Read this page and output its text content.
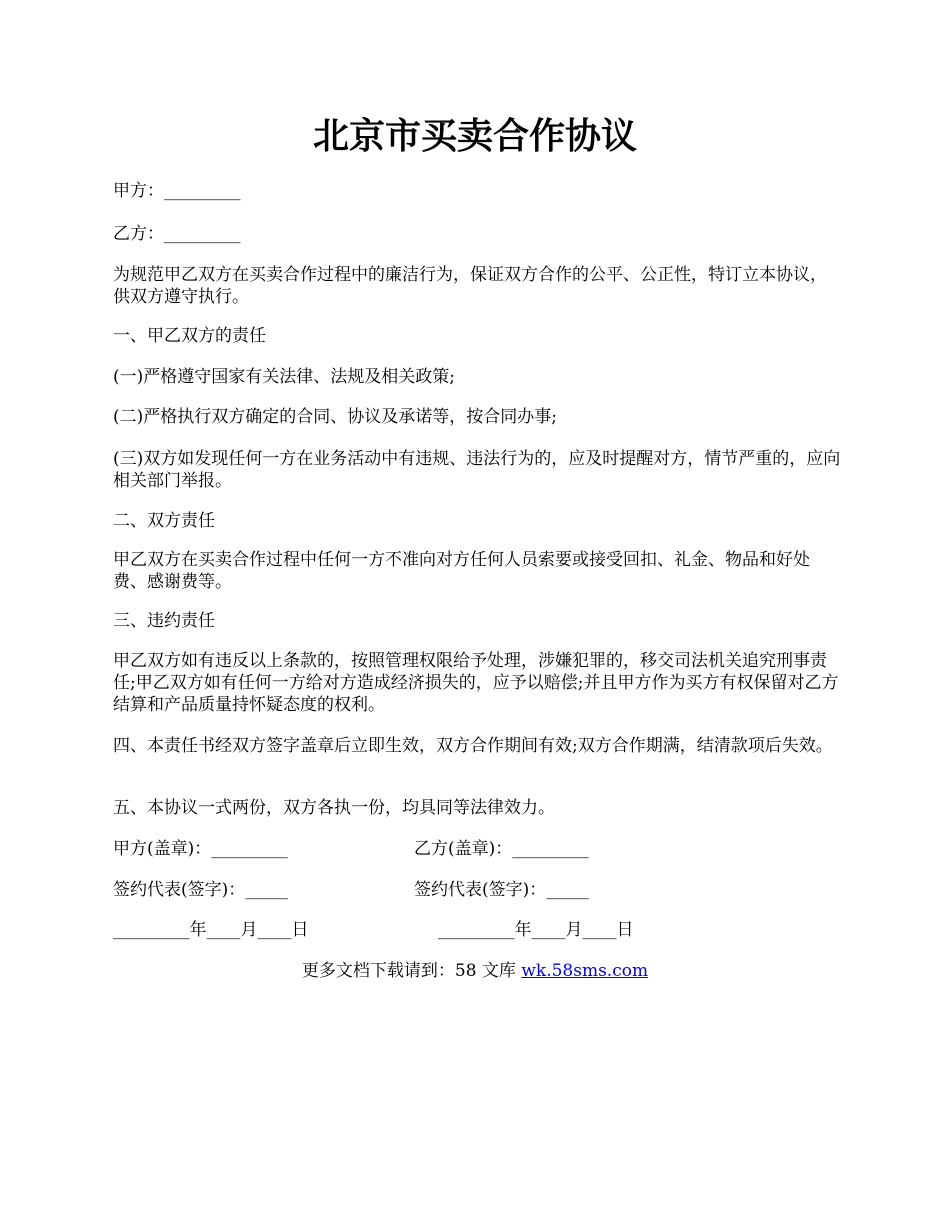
北京市买卖合作协议

甲方：_________

乙方：_________

为规范甲乙双方在买卖合作过程中的廉洁行为，保证双方合作的公平、公正性，特订立本协议，供双方遵守执行。

一、甲乙双方的责任

(一)严格遵守国家有关法律、法规及相关政策;

(二)严格执行双方确定的合同、协议及承诺等，按合同办事;

(三)双方如发现任何一方在业务活动中有违规、违法行为的，应及时提醒对方，情节严重的，应向相关部门举报。

二、双方责任

甲乙双方在买卖合作过程中任何一方不准向对方任何人员索要或接受回扣、礼金、物品和好处费、感谢费等。

三、违约责任

甲乙双方如有违反以上条款的，按照管理权限给予处理，涉嫌犯罪的，移交司法机关追究刑事责任;甲乙双方如有任何一方给对方造成经济损失的，应予以赔偿;并且甲方作为买方有权保留对乙方结算和产品质量持怀疑态度的权利。

四、本责任书经双方签字盖章后立即生效，双方合作期间有效;双方合作期满，结清款项后失效。

五、本协议一式两份，双方各执一份，均具同等法律效力。

甲方(盖章)：_________	乙方(盖章)：_________
签约代表(签字)：_____	签约代表(签字)：_____
_________年____月____日	_________年____月____日
更多文档下载请到：58 文库 wk.58sms.com
